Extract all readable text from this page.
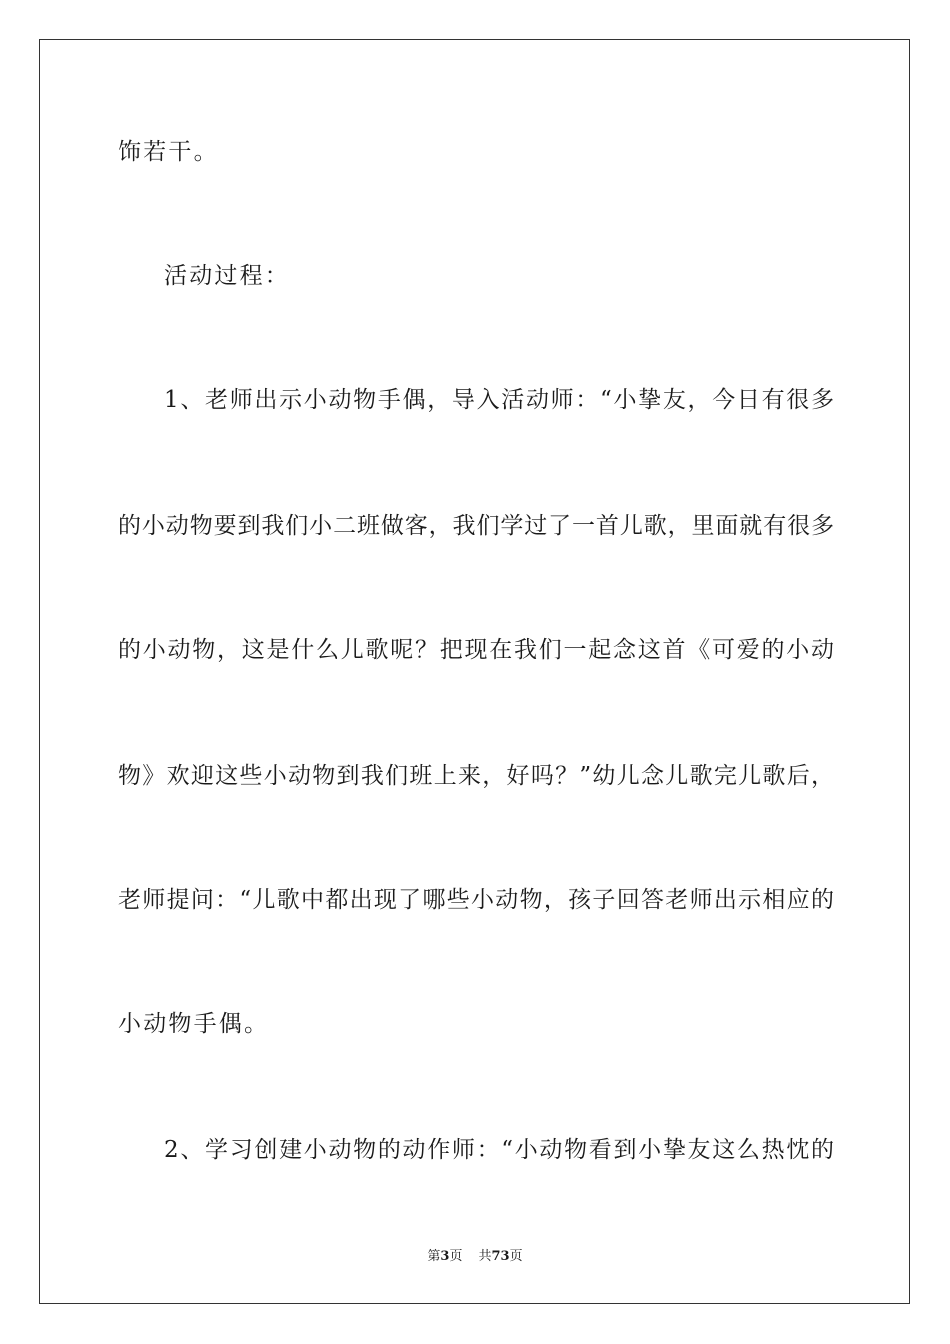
饰若干。
活动过程：
1、老师出示小动物手偶，导入活动师：“小挚友，今日有很多
的小动物要到我们小二班做客，我们学过了一首儿歌，里面就有很多
的小动物，这是什么儿歌呢？把现在我们一起念这首《可爱的小动
物》欢迎这些小动物到我们班上来，好吗？”幼儿念儿歌完儿歌后，
老师提问：“儿歌中都出现了哪些小动物，孩子回答老师出示相应的
小动物手偶。
2、学习创建小动物的动作师：“小动物看到小挚友这么热忱的
第3页 共73页
